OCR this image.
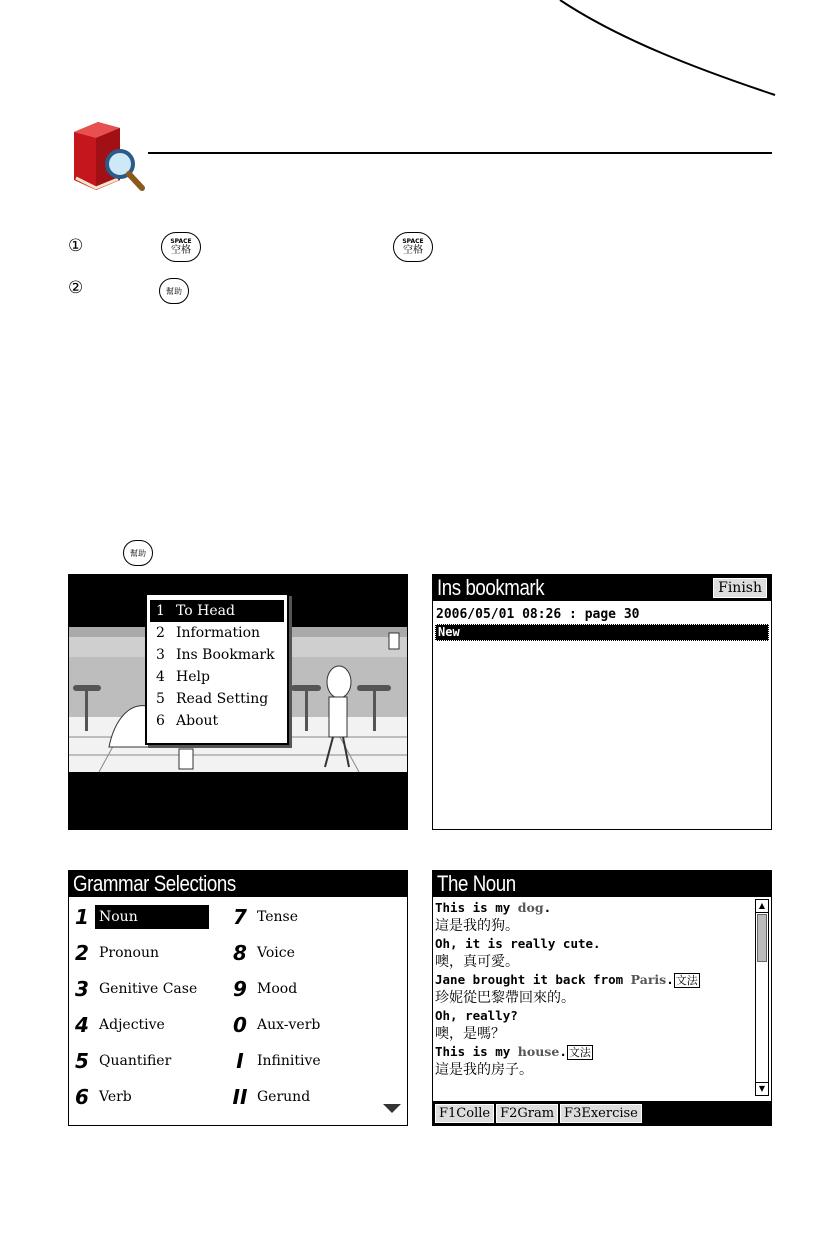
①	SPACE
空格
SPACE
空格
②	幫助
幫助
1 To Head
2 Information
3 Ins Bookmark
4 Help
5 Read Setting
6 About
Ins bookmark	Finish
2006/05/01 08:26 : page 30
New
Grammar Selections
1 Noun
2 Pronoun
3 Genitive Case
4 Adjective
5 Quantifier
6 Verb
7 Tense
8 Voice
9 Mood
0 Aux-verb
I Infinitive
II Gerund
The Noun
This is my dog.
這是我的狗。
Oh, it is really cute.
噢，真可愛。
Jane brought it back from Paris. 文法
珍妮從巴黎帶回來的。
Oh, really?
噢，是嗎？
This is my house. 文法
這是我的房子。
▲
▼
F1Colle F2Gram F3Exercise
